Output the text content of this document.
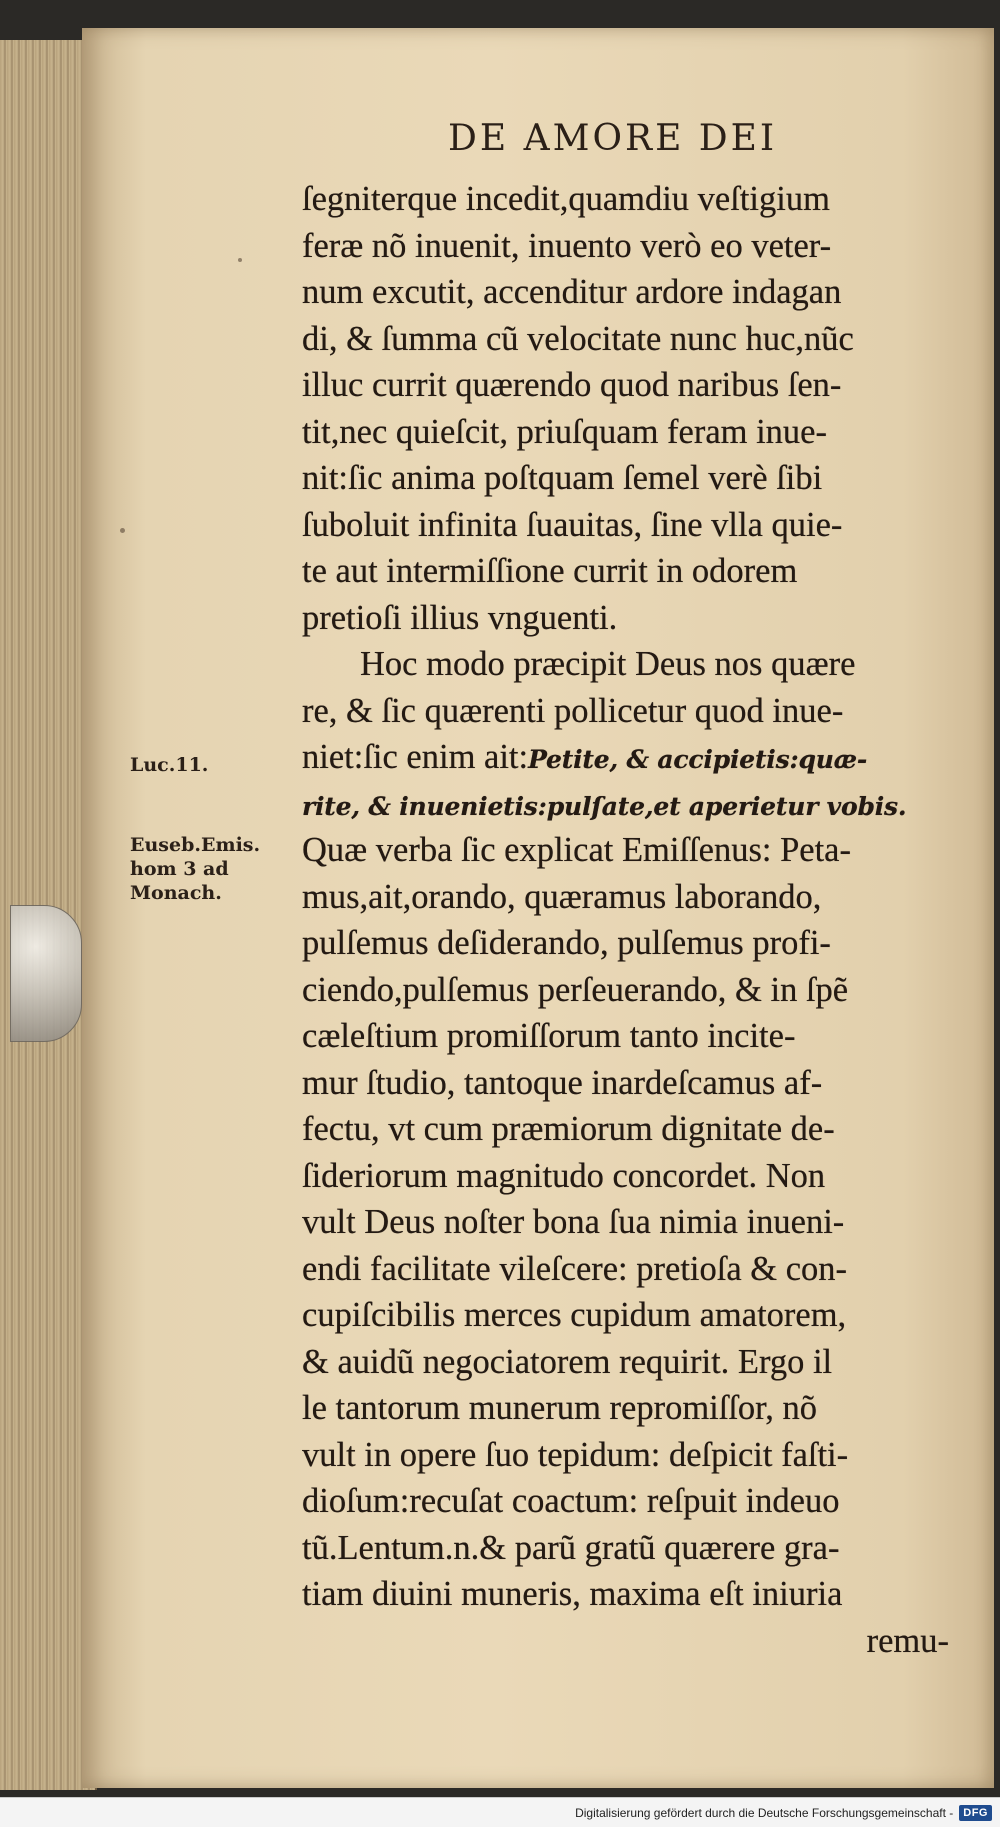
DE AMORE DEI
Luc.11.
Euseb.Emis.
hom 3 ad
Monach.
ſegniterque incedit,quamdiu veſtigium
feræ nõ inuenit, inuento verò eo veter-
num excutit, accenditur ardore indagan
di, & ſumma cũ velocitate nunc huc,nũc
illuc currit quærendo quod naribus ſen-
tit,nec quieſcit, priuſquam feram inue-
nit:ſic anima poſtquam ſemel verè ſibi
ſuboluit infinita ſuauitas, ſine vlla quie-
te aut intermiſſione currit in odorem
pretioſi illius vnguenti.
Hoc modo præcipit Deus nos quære
re, & ſic quærenti pollicetur quod inue-
niet:ſic enim ait:Petite, & accipietis:quæ-
rite, & inuenietis:pulſate,et aperietur vobis.
Quæ verba ſic explicat Emiſſenus: Peta-
mus,ait,orando, quæramus laborando,
pulſemus deſiderando, pulſemus profi-
ciendo,pulſemus perſeuerando, & in ſpẽ
cæleſtium promiſſorum tanto incite-
mur ſtudio, tantoque inardeſcamus af-
fectu, vt cum præmiorum dignitate de-
ſideriorum magnitudo concordet. Non
vult Deus noſter bona ſua nimia inueni-
endi facilitate vileſcere: pretioſa & con-
cupiſcibilis merces cupidum amatorem,
& auidũ negociatorem requirit. Ergo il
le tantorum munerum repromiſſor, nõ
vult in opere ſuo tepidum: deſpicit faſti-
dioſum:recuſat coactum: reſpuit indeuo
tũ.Lentum.n.& parũ gratũ quærere gra-
tiam diuini muneris, maxima eſt iniuria
remu-
Digitalisierung gefördert durch die Deutsche Forschungsgemeinschaft - DFG
